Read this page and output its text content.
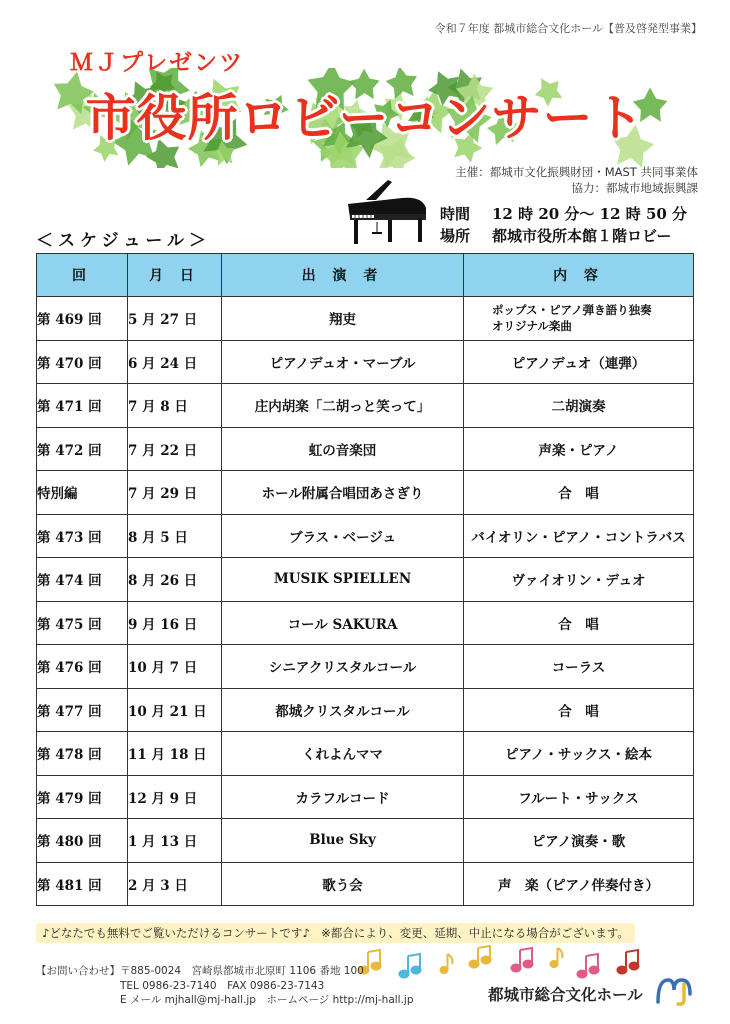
令和７年度 都城市総合文化ホール【普及啓発型事業】
ＭＪプレゼンツ
市役所ロビーコンサート
主催：都城市文化振興財団・MAST 共同事業体
協力：都城市地域振興課
時間 12 時 20 分～ 12 時 50 分
場所 都城市役所本館１階ロビー
＜スケジュール＞
回	月 日	出 演 者	内 容
第 469 回	5 月 27 日	翔吏	ポップス・ピアノ弾き語り独奏
オリジナル楽曲

第 470 回	6 月 24 日	ピアノデュオ・マーブル	ピアノデュオ（連弾）
第 471 回	7 月 8 日	庄内胡楽「二胡っと笑って」	二胡演奏
第 472 回	7 月 22 日	虹の音楽団	声楽・ピアノ
特別編	7 月 29 日	ホール附属合唱団あさぎり	合　唱
第 473 回	8 月 5 日	ブラス・ベージュ	バイオリン・ピアノ・コントラバス
第 474 回	8 月 26 日	MUSIK SPIELLEN	ヴァイオリン・デュオ
第 475 回	9 月 16 日	コール SAKURA	合　唱
第 476 回	10 月 7 日	シニアクリスタルコール	コーラス
第 477 回	10 月 21 日	都城クリスタルコール	合　唱
第 478 回	11 月 18 日	くれよんママ	ピアノ・サックス・絵本
第 479 回	12 月 9 日	カラフルコード	フルート・サックス
第 480 回	1 月 13 日	Blue Sky	ピアノ演奏・歌
第 481 回	2 月 3 日	歌う会	声　楽（ピアノ伴奏付き）
♪どなたでも無料でご覧いただけるコンサートです♪　※都合により、変更、延期、中止になる場合がございます。
【お問い合わせ】〒885-0024　宮崎県都城市北原町 1106 番地 100
TEL 0986-23-7140　FAX 0986-23-7143
E メール mjhall@mj-hall.jp　ホームページ http://mj-hall.jp	都城市総合文化ホール
